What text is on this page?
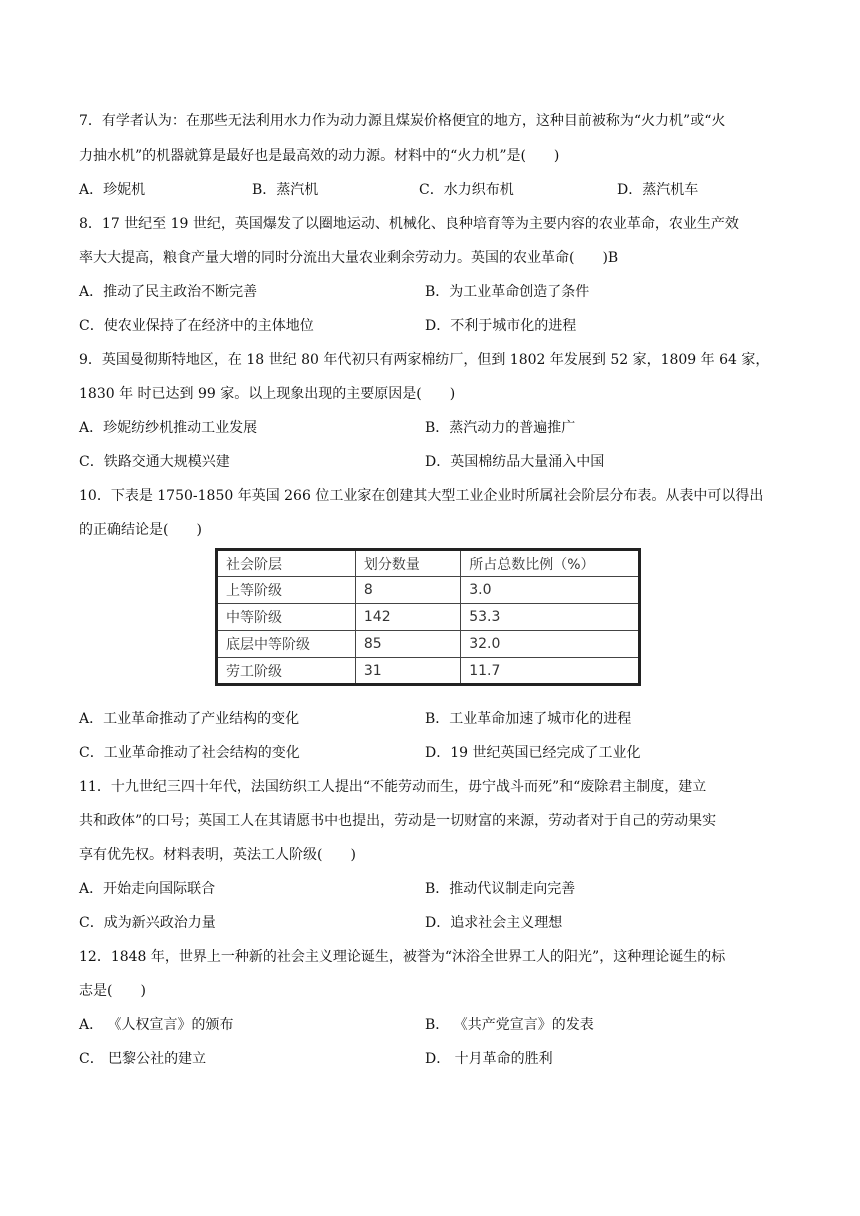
7．有学者认为：在那些无法利用水力作为动力源且煤炭价格便宜的地方，这种目前被称为“火力机”或“火
力抽水机”的机器就算是最好也是最高效的动力源。材料中的“火力机”是(　　)
A．珍妮机	B．蒸汽机	C．水力织布机	D．蒸汽机车
8．17 世纪至 19 世纪，英国爆发了以圈地运动、机械化、良种培育等为主要内容的农业革命，农业生产效
率大大提高，粮食产量大增的同时分流出大量农业剩余劳动力。英国的农业革命(　　)B
A．推动了民主政治不断完善	B．为工业革命创造了条件
C．使农业保持了在经济中的主体地位	D．不利于城市化的进程
9．英国曼彻斯特地区，在 18 世纪 80 年代初只有两家棉纺厂，但到 1802 年发展到 52 家，1809 年 64 家，
1830 年 时已达到 99 家。以上现象出现的主要原因是(　　)
A．珍妮纺纱机推动工业发展	B．蒸汽动力的普遍推广
C．铁路交通大规模兴建	D．英国棉纺品大量涌入中国
10．下表是 1750-1850 年英国 266 位工业家在创建其大型工业企业时所属社会阶层分布表。从表中可以得出
的正确结论是(　　)
社会阶层	划分数量	所占总数比例（%）
上等阶级	8	3.0
中等阶级	142	53.3
底层中等阶级	85	32.0
劳工阶级	31	11.7
A．工业革命推动了产业结构的变化	B．工业革命加速了城市化的进程
C．工业革命推动了社会结构的变化	D．19 世纪英国已经完成了工业化
11．十九世纪三四十年代，法国纺织工人提出“不能劳动而生，毋宁战斗而死”和“废除君主制度，建立
共和政体”的口号；英国工人在其请愿书中也提出，劳动是一切财富的来源，劳动者对于自己的劳动果实
享有优先权。材料表明，英法工人阶级(　　)
A．开始走向国际联合	B．推动代议制走向完善
C．成为新兴政治力量	D．追求社会主义理想
12．1848 年，世界上一种新的社会主义理论诞生，被誉为“沐浴全世界工人的阳光”，这种理论诞生的标
志是(　　)
A． 《人权宣言》的颁布	B． 《共产党宣言》的发表
C． 巴黎公社的建立	D． 十月革命的胜利
